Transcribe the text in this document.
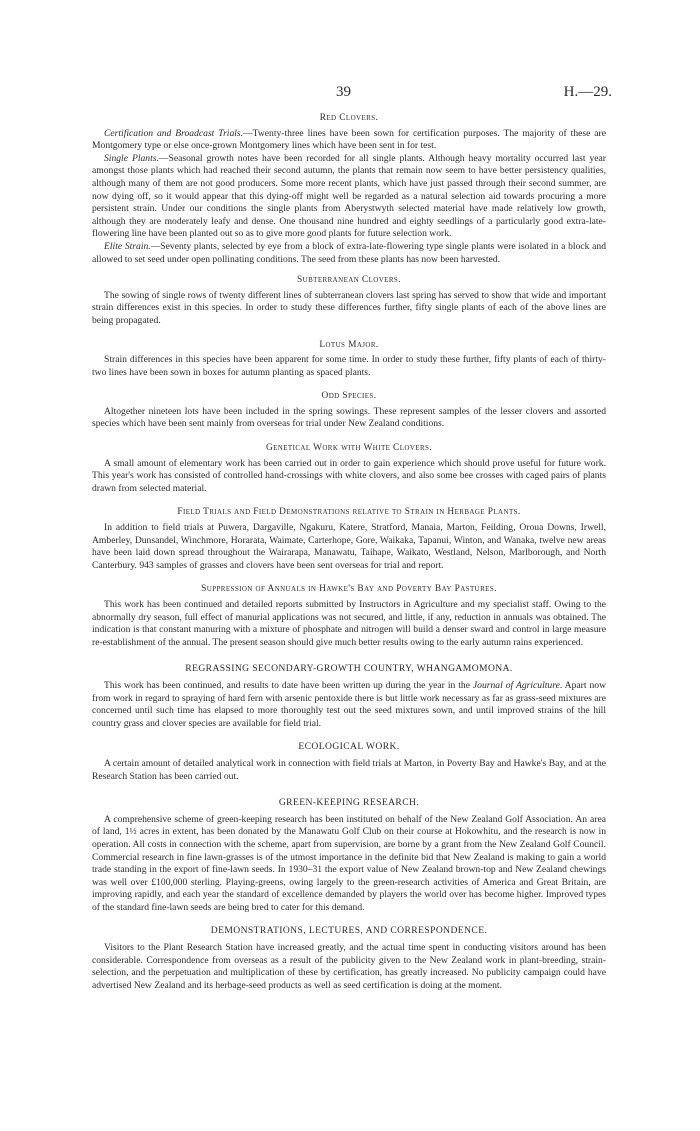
39	H.—29.
Red Clovers.

Certification and Broadcast Trials.—Twenty-three lines have been sown for certification purposes. The majority of these are Montgomery type or else once-grown Montgomery lines which have been sent in for test.

Single Plants.—Seasonal growth notes have been recorded for all single plants. Although heavy mortality occurred last year amongst those plants which had reached their second autumn, the plants that remain now seem to have better persistency qualities, although many of them are not good producers. Some more recent plants, which have just passed through their second summer, are now dying off, so it would appear that this dying-off might well be regarded as a natural selection aid towards procuring a more persistent strain. Under our conditions the single plants from Aberystwyth selected material have made relatively low growth, although they are moderately leafy and dense. One thousand nine hundred and eighty seedlings of a particularly good extra-late-flowering line have been planted out so as to give more good plants for future selection work.

Elite Strain.—Seventy plants, selected by eye from a block of extra-late-flowering type single plants were isolated in a block and allowed to set seed under open pollinating conditions. The seed from these plants has now been harvested.

Subterranean Clovers.

The sowing of single rows of twenty different lines of subterranean clovers last spring has served to show that wide and important strain differences exist in this species. In order to study these differences further, fifty single plants of each of the above lines are being propagated.

Lotus Major.

Strain differences in this species have been apparent for some time. In order to study these further, fifty plants of each of thirty-two lines have been sown in boxes for autumn planting as spaced plants.

Odd Species.

Altogether nineteen lots have been included in the spring sowings. These represent samples of the lesser clovers and assorted species which have been sent mainly from overseas for trial under New Zealand conditions.

Genetical Work with White Clovers.

A small amount of elementary work has been carried out in order to gain experience which should prove useful for future work. This year's work has consisted of controlled hand-crossings with white clovers, and also some bee crosses with caged pairs of plants drawn from selected material.

Field Trials and Field Demonstrations relative to Strain in Herbage Plants.

In addition to field trials at Puwera, Dargaville, Ngakuru, Katere, Stratford, Manaia, Marton, Feilding, Oroua Downs, Irwell, Amberley, Dunsandel, Winchmore, Horarata, Waimate, Carterhope, Gore, Waikaka, Tapanui, Winton, and Wanaka, twelve new areas have been laid down spread throughout the Wairarapa, Manawatu, Taihape, Waikato, Westland, Nelson, Marlborough, and North Canterbury. 943 samples of grasses and clovers have been sent overseas for trial and report.

Suppression of Annuals in Hawke's Bay and Poverty Bay Pastures.

This work has been continued and detailed reports submitted by Instructors in Agriculture and my specialist staff. Owing to the abnormally dry season, full effect of manurial applications was not secured, and little, if any, reduction in annuals was obtained. The indication is that constant manuring with a mixture of phosphate and nitrogen will build a denser sward and control in large measure re-establishment of the annual. The present season should give much better results owing to the early autumn rains experienced.

REGRASSING SECONDARY-GROWTH COUNTRY, WHANGAMOMONA.

This work has been continued, and results to date have been written up during the year in the Journal of Agriculture. Apart now from work in regard to spraying of hard fern with arsenic pentoxide there is but little work necessary as far as grass-seed mixtures are concerned until such time has elapsed to more thoroughly test out the seed mixtures sown, and until improved strains of the hill country grass and clover species are available for field trial.

ECOLOGICAL WORK.

A certain amount of detailed analytical work in connection with field trials at Marton, in Poverty Bay and Hawke's Bay, and at the Research Station has been carried out.

GREEN-KEEPING RESEARCH.

A comprehensive scheme of green-keeping research has been instituted on behalf of the New Zealand Golf Association. An area of land, 1½ acres in extent, has been donated by the Manawatu Golf Club on their course at Hokowhitu, and the research is now in operation. All costs in connection with the scheme, apart from supervision, are borne by a grant from the New Zealand Golf Council. Commercial research in fine lawn-grasses is of the utmost importance in the definite bid that New Zealand is making to gain a world trade standing in the export of fine-lawn seeds. In 1930–31 the export value of New Zealand brown-top and New Zealand chewings was well over £100,000 sterling. Playing-greens, owing largely to the green-research activities of America and Great Britain, are improving rapidly, and each year the standard of excellence demanded by players the world over has become higher. Improved types of the standard fine-lawn seeds are being bred to cater for this demand.

DEMONSTRATIONS, LECTURES, AND CORRESPONDENCE.

Visitors to the Plant Research Station have increased greatly, and the actual time spent in conducting visitors around has been considerable. Correspondence from overseas as a result of the publicity given to the New Zealand work in plant-breeding, strain-selection, and the perpetuation and multiplication of these by certification, has greatly increased. No publicity campaign could have advertised New Zealand and its herbage-seed products as well as seed certification is doing at the moment.
